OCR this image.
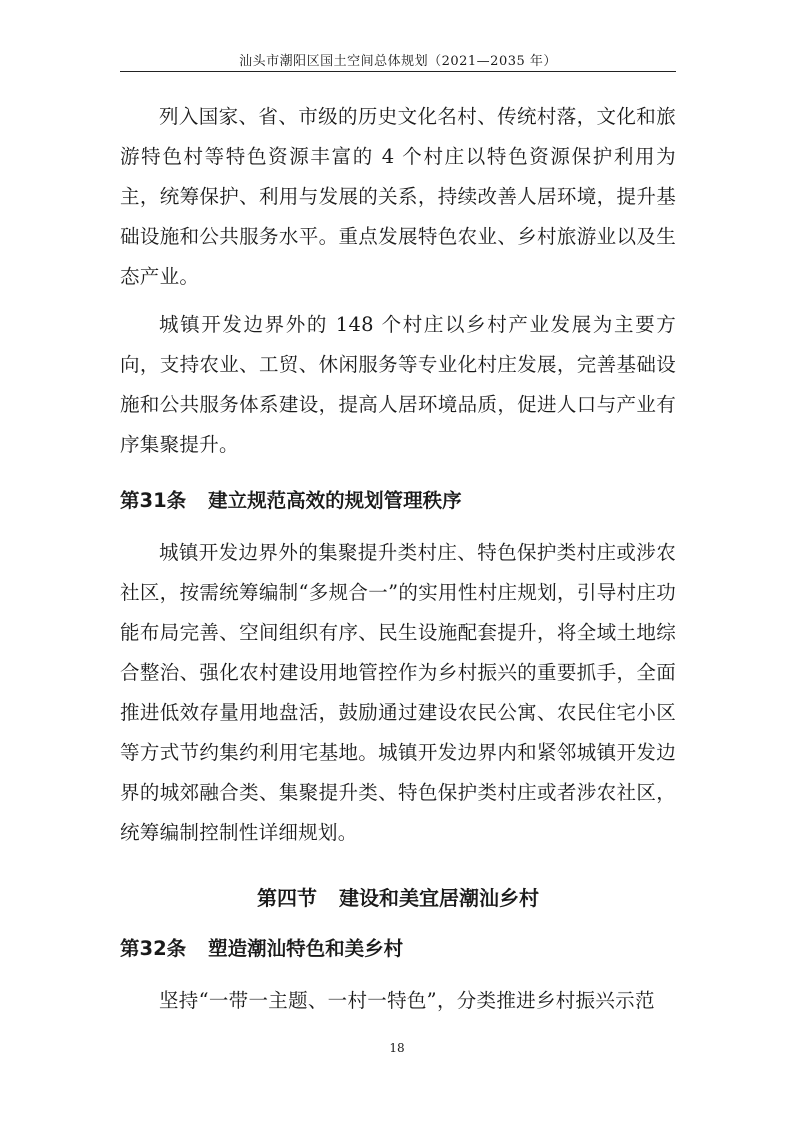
汕头市潮阳区国土空间总体规划（2021—2035 年）

列入国家、省、市级的历史文化名村、传统村落，文化和旅游特色村等特色资源丰富的 4 个村庄以特色资源保护利用为主，统筹保护、利用与发展的关系，持续改善人居环境，提升基础设施和公共服务水平。重点发展特色农业、乡村旅游业以及生态产业。

城镇开发边界外的 148 个村庄以乡村产业发展为主要方向，支持农业、工贸、休闲服务等专业化村庄发展，完善基础设施和公共服务体系建设，提高人居环境品质，促进人口与产业有序集聚提升。

第31条 建立规范高效的规划管理秩序

城镇开发边界外的集聚提升类村庄、特色保护类村庄或涉农社区，按需统筹编制“多规合一”的实用性村庄规划，引导村庄功能布局完善、空间组织有序、民生设施配套提升，将全域土地综合整治、强化农村建设用地管控作为乡村振兴的重要抓手，全面推进低效存量用地盘活，鼓励通过建设农民公寓、农民住宅小区等方式节约集约利用宅基地。城镇开发边界内和紧邻城镇开发边界的城郊融合类、集聚提升类、特色保护类村庄或者涉农社区，统筹编制控制性详细规划。

第四节 建设和美宜居潮汕乡村
第32条 塑造潮汕特色和美乡村

坚持“一带一主题、一村一特色”，分类推进乡村振兴示范

18
